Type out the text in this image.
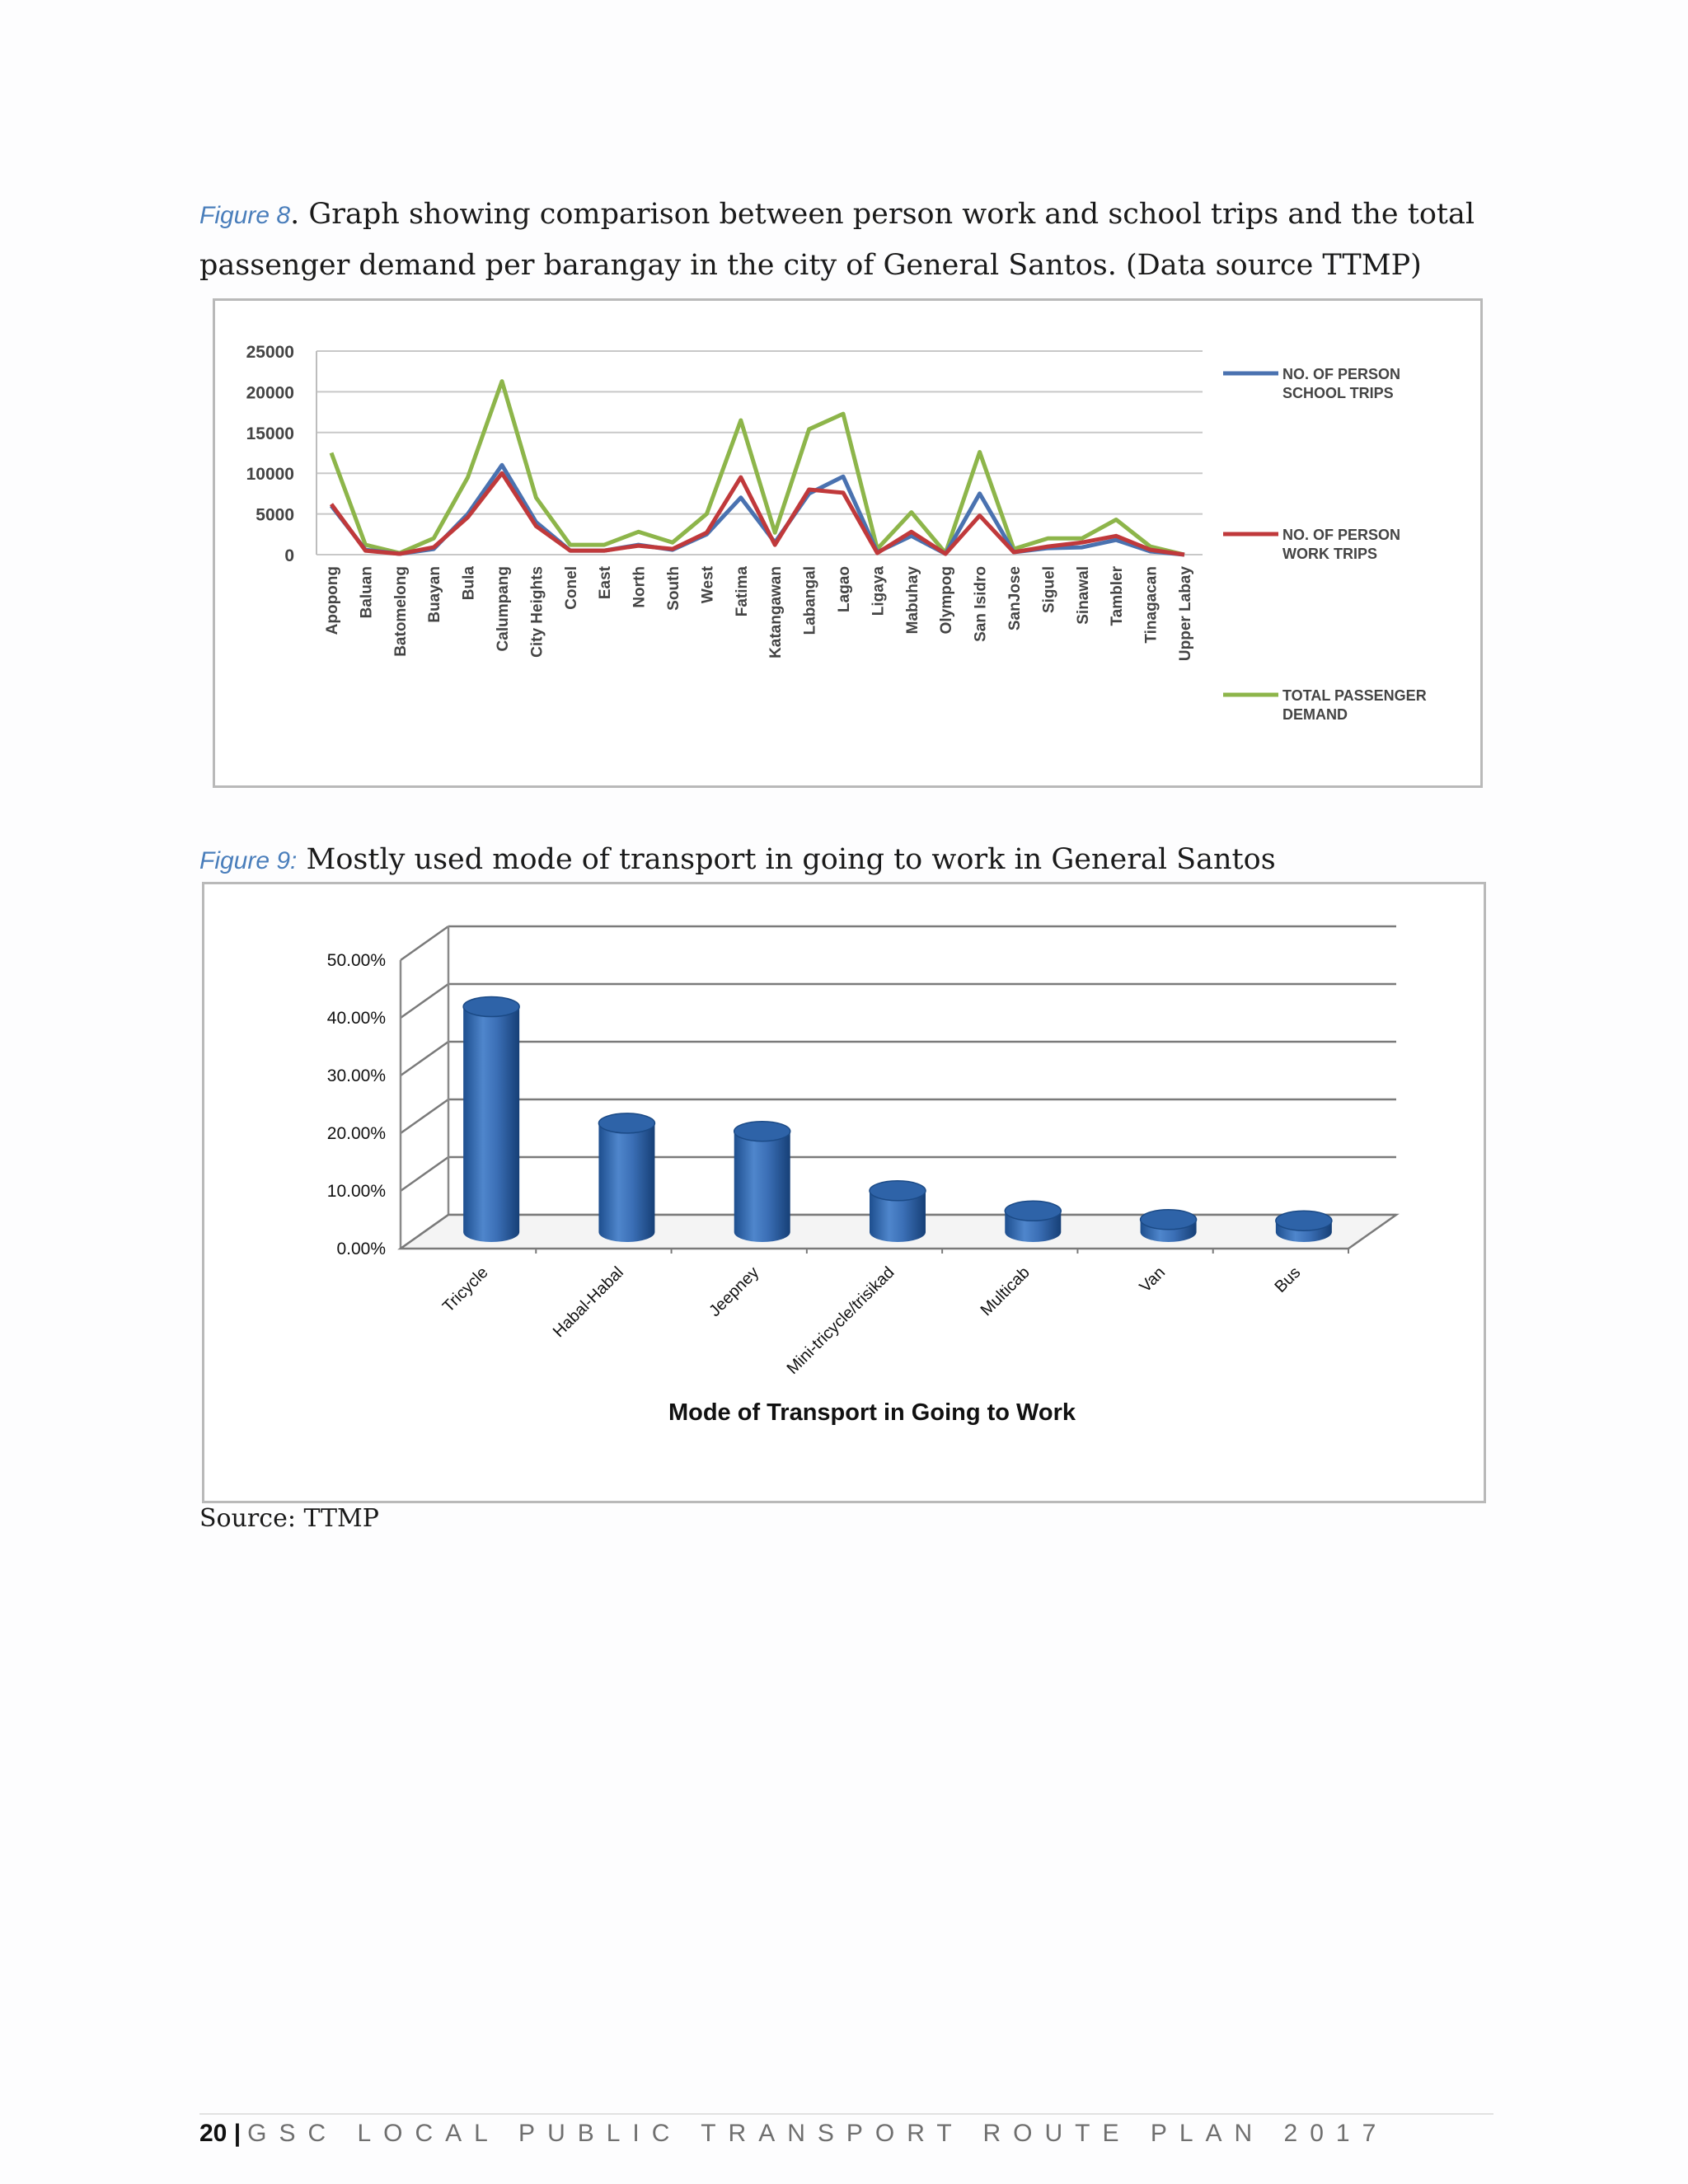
Figure 8. Graph showing comparison between person work and school trips and the total passenger demand per barangay in the city of General Santos. (Data source TTMP)
0
5000
10000
15000
20000
25000
Apopong Baluan Batomelong Buayan Bula Calumpang City Heights Conel East North South West Fatima Katangawan Labangal Lagao Ligaya Mabuhay Olympog San Isidro SanJose Siguel Sinawal Tambler Tinagacan Upper Labay
NO. OF PERSON SCHOOL TRIPS
NO. OF PERSON WORK TRIPS
TOTAL PASSENGER DEMAND
Figure 9: Mostly used mode of transport in going to work in General Santos
0.00%
10.00%
20.00%
30.00%
40.00%
50.00%
Tricycle	Habal-Habal	Jeepney Mini-tricycle/trisikad	Multicab	Van	Bus
Mode of Transport in Going to Work
Source: TTMP
20 | GSC LOCAL PUBLIC TRANSPORT ROUTE PLAN 2017
